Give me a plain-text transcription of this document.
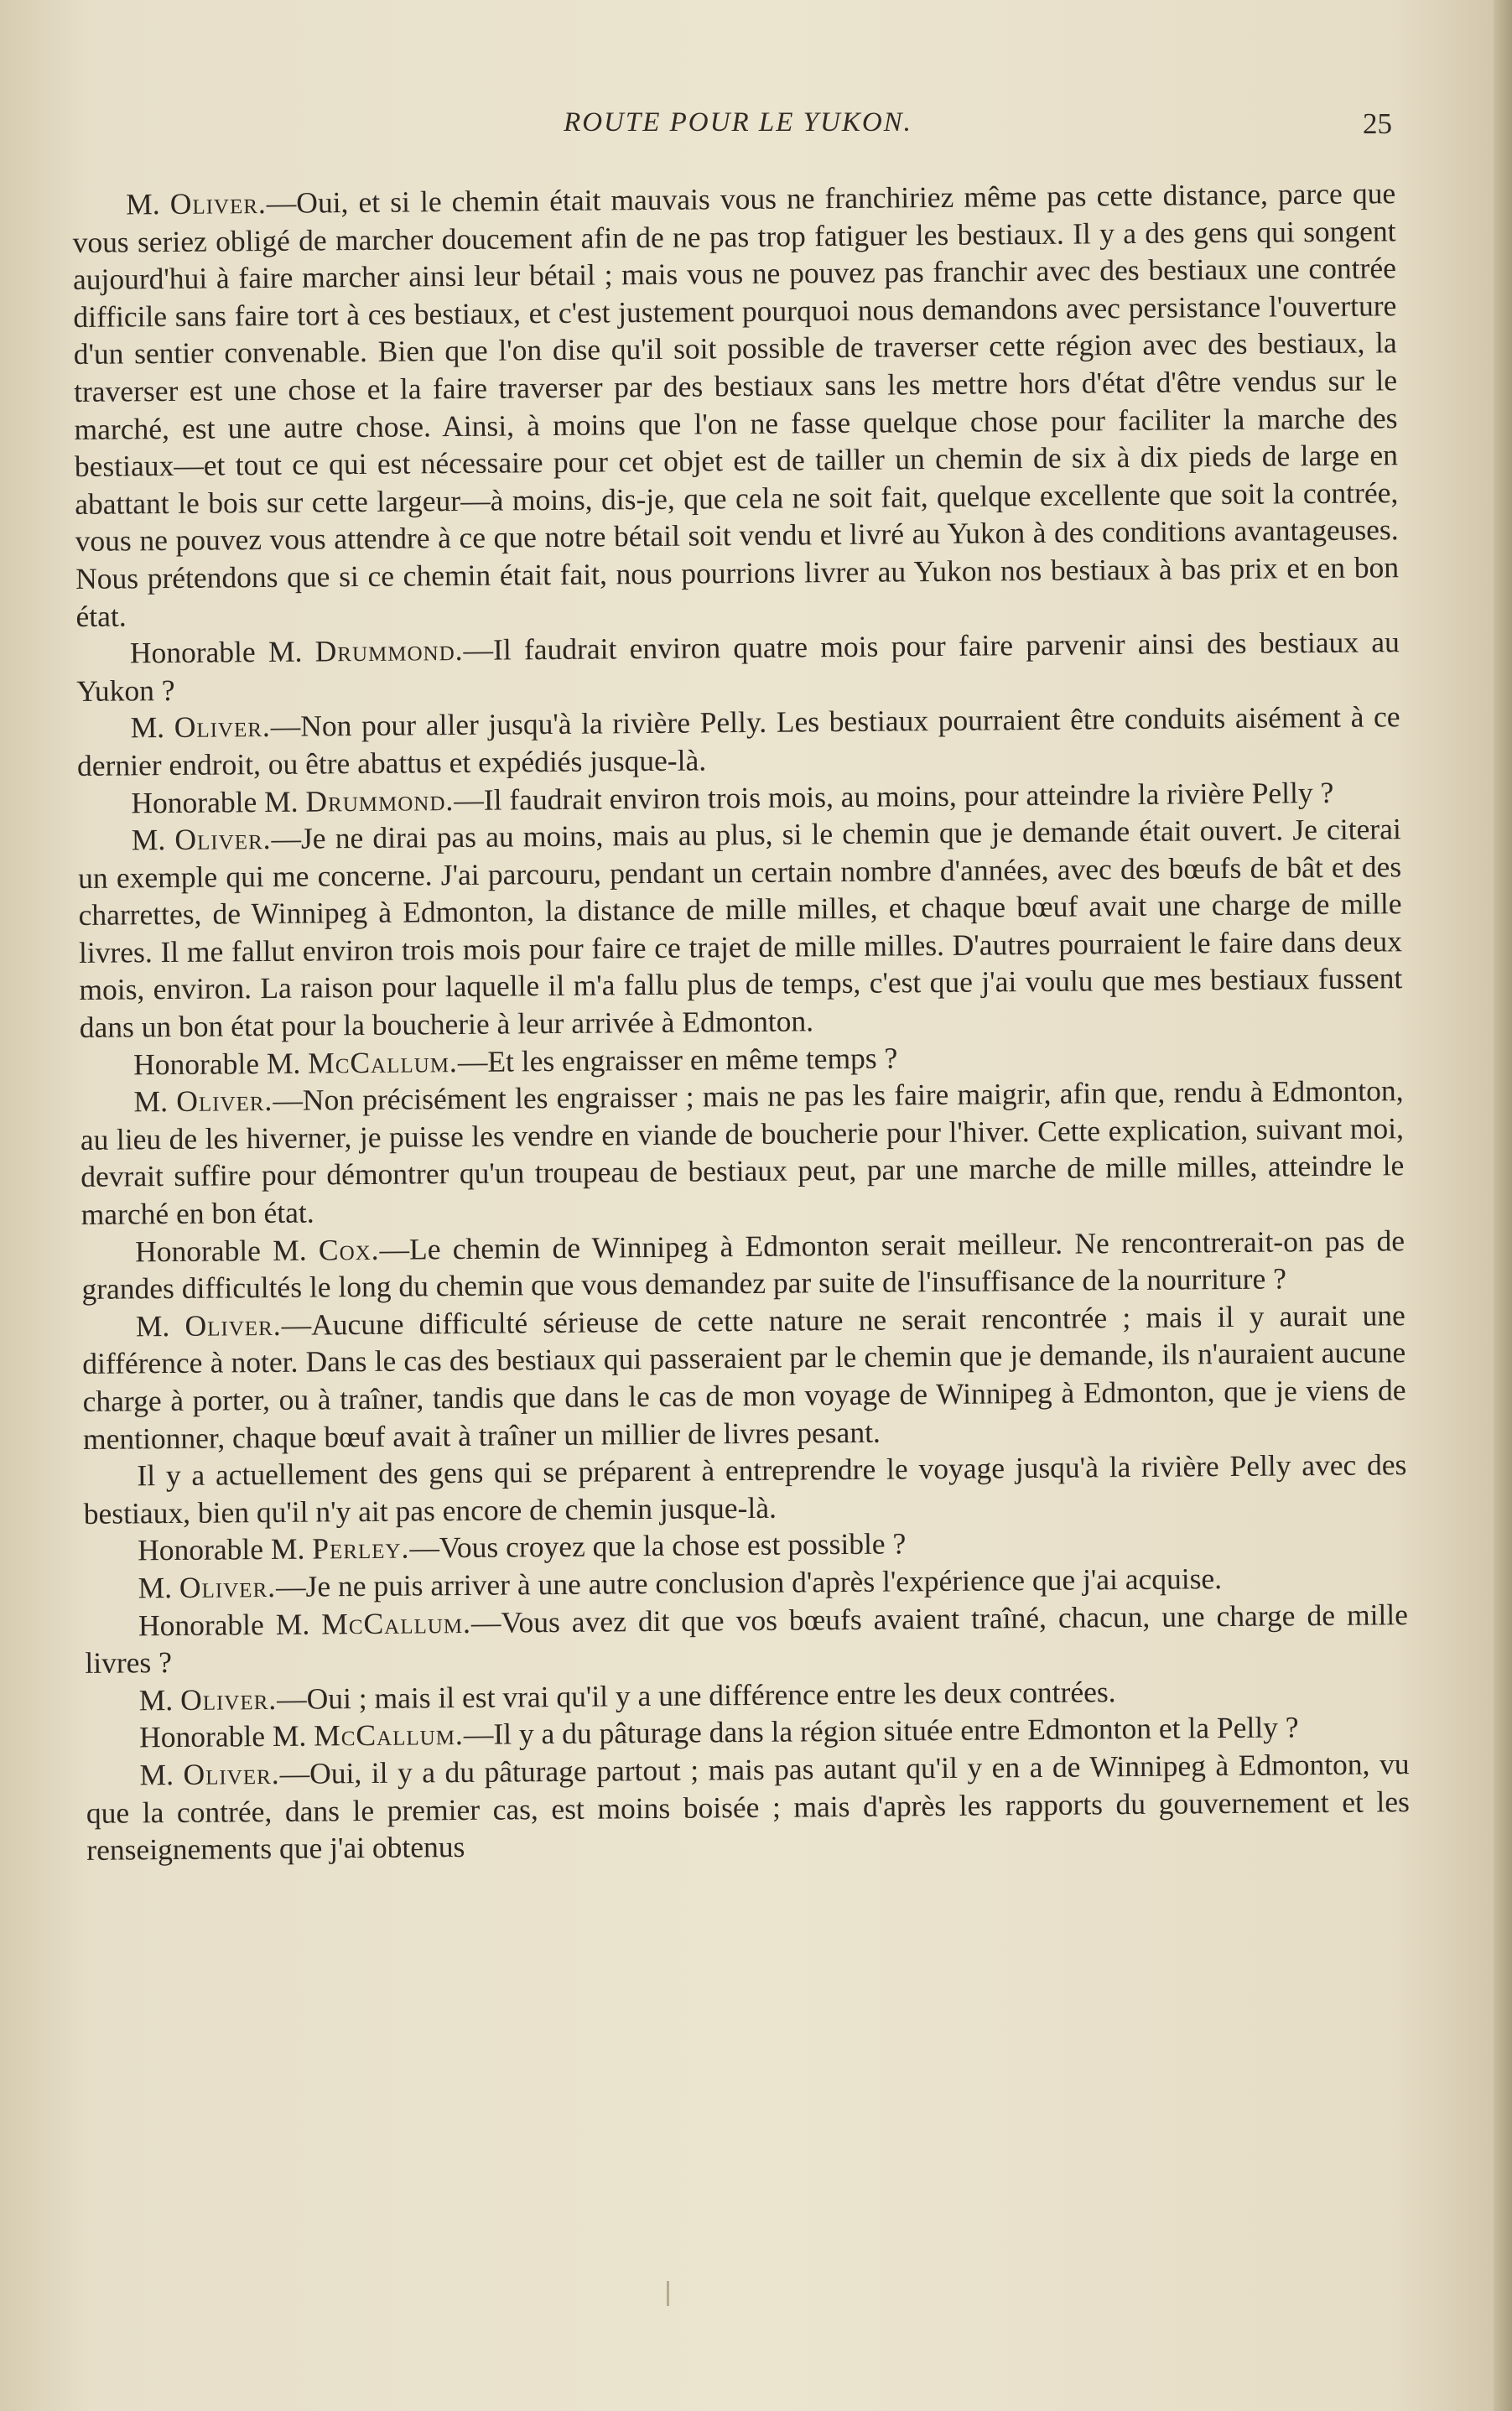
ROUTE POUR LE YUKON.	25

M. Oliver.—Oui, et si le chemin était mauvais vous ne franchiriez même pas cette distance, parce que vous seriez obligé de marcher doucement afin de ne pas trop fatiguer les bestiaux. Il y a des gens qui songent aujourd'hui à faire marcher ainsi leur bétail ; mais vous ne pouvez pas franchir avec des bestiaux une contrée difficile sans faire tort à ces bestiaux, et c'est justement pourquoi nous demandons avec persistance l'ouverture d'un sentier convenable. Bien que l'on dise qu'il soit possible de traverser cette région avec des bestiaux, la traverser est une chose et la faire traverser par des bestiaux sans les mettre hors d'état d'être vendus sur le marché, est une autre chose. Ainsi, à moins que l'on ne fasse quelque chose pour faciliter la marche des bestiaux—et tout ce qui est nécessaire pour cet objet est de tailler un chemin de six à dix pieds de large en abattant le bois sur cette largeur—à moins, dis-je, que cela ne soit fait, quelque excellente que soit la contrée, vous ne pouvez vous attendre à ce que notre bétail soit vendu et livré au Yukon à des conditions avantageuses. Nous prétendons que si ce chemin était fait, nous pourrions livrer au Yukon nos bestiaux à bas prix et en bon état.

Honorable M. Drummond.—Il faudrait environ quatre mois pour faire parvenir ainsi des bestiaux au Yukon ?

M. Oliver.—Non pour aller jusqu'à la rivière Pelly. Les bestiaux pourraient être conduits aisément à ce dernier endroit, ou être abattus et expédiés jusque-là.

Honorable M. Drummond.—Il faudrait environ trois mois, au moins, pour atteindre la rivière Pelly ?

M. Oliver.—Je ne dirai pas au moins, mais au plus, si le chemin que je demande était ouvert. Je citerai un exemple qui me concerne. J'ai parcouru, pendant un certain nombre d'années, avec des bœufs de bât et des charrettes, de Winnipeg à Edmonton, la distance de mille milles, et chaque bœuf avait une charge de mille livres. Il me fallut environ trois mois pour faire ce trajet de mille milles. D'autres pourraient le faire dans deux mois, environ. La raison pour laquelle il m'a fallu plus de temps, c'est que j'ai voulu que mes bestiaux fussent dans un bon état pour la boucherie à leur arrivée à Edmonton.

Honorable M. McCallum.—Et les engraisser en même temps ?

M. Oliver.—Non précisément les engraisser ; mais ne pas les faire maigrir, afin que, rendu à Edmonton, au lieu de les hiverner, je puisse les vendre en viande de boucherie pour l'hiver. Cette explication, suivant moi, devrait suffire pour démontrer qu'un troupeau de bestiaux peut, par une marche de mille milles, atteindre le marché en bon état.

Honorable M. Cox.—Le chemin de Winnipeg à Edmonton serait meilleur. Ne rencontrerait-on pas de grandes difficultés le long du chemin que vous demandez par suite de l'insuffisance de la nourriture ?

M. Oliver.—Aucune difficulté sérieuse de cette nature ne serait rencontrée ; mais il y aurait une différence à noter. Dans le cas des bestiaux qui passeraient par le chemin que je demande, ils n'auraient aucune charge à porter, ou à traîner, tandis que dans le cas de mon voyage de Winnipeg à Edmonton, que je viens de mentionner, chaque bœuf avait à traîner un millier de livres pesant.

Il y a actuellement des gens qui se préparent à entreprendre le voyage jusqu'à la rivière Pelly avec des bestiaux, bien qu'il n'y ait pas encore de chemin jusque-là.

Honorable M. Perley.—Vous croyez que la chose est possible ?

M. Oliver.—Je ne puis arriver à une autre conclusion d'après l'expérience que j'ai acquise.

Honorable M. McCallum.—Vous avez dit que vos bœufs avaient traîné, chacun, une charge de mille livres ?

M. Oliver.—Oui ; mais il est vrai qu'il y a une différence entre les deux contrées.

Honorable M. McCallum.—Il y a du pâturage dans la région située entre Edmonton et la Pelly ?

M. Oliver.—Oui, il y a du pâturage partout ; mais pas autant qu'il y en a de Winnipeg à Edmonton, vu que la contrée, dans le premier cas, est moins boisée ; mais d'après les rapports du gouvernement et les renseignements que j'ai obtenus
